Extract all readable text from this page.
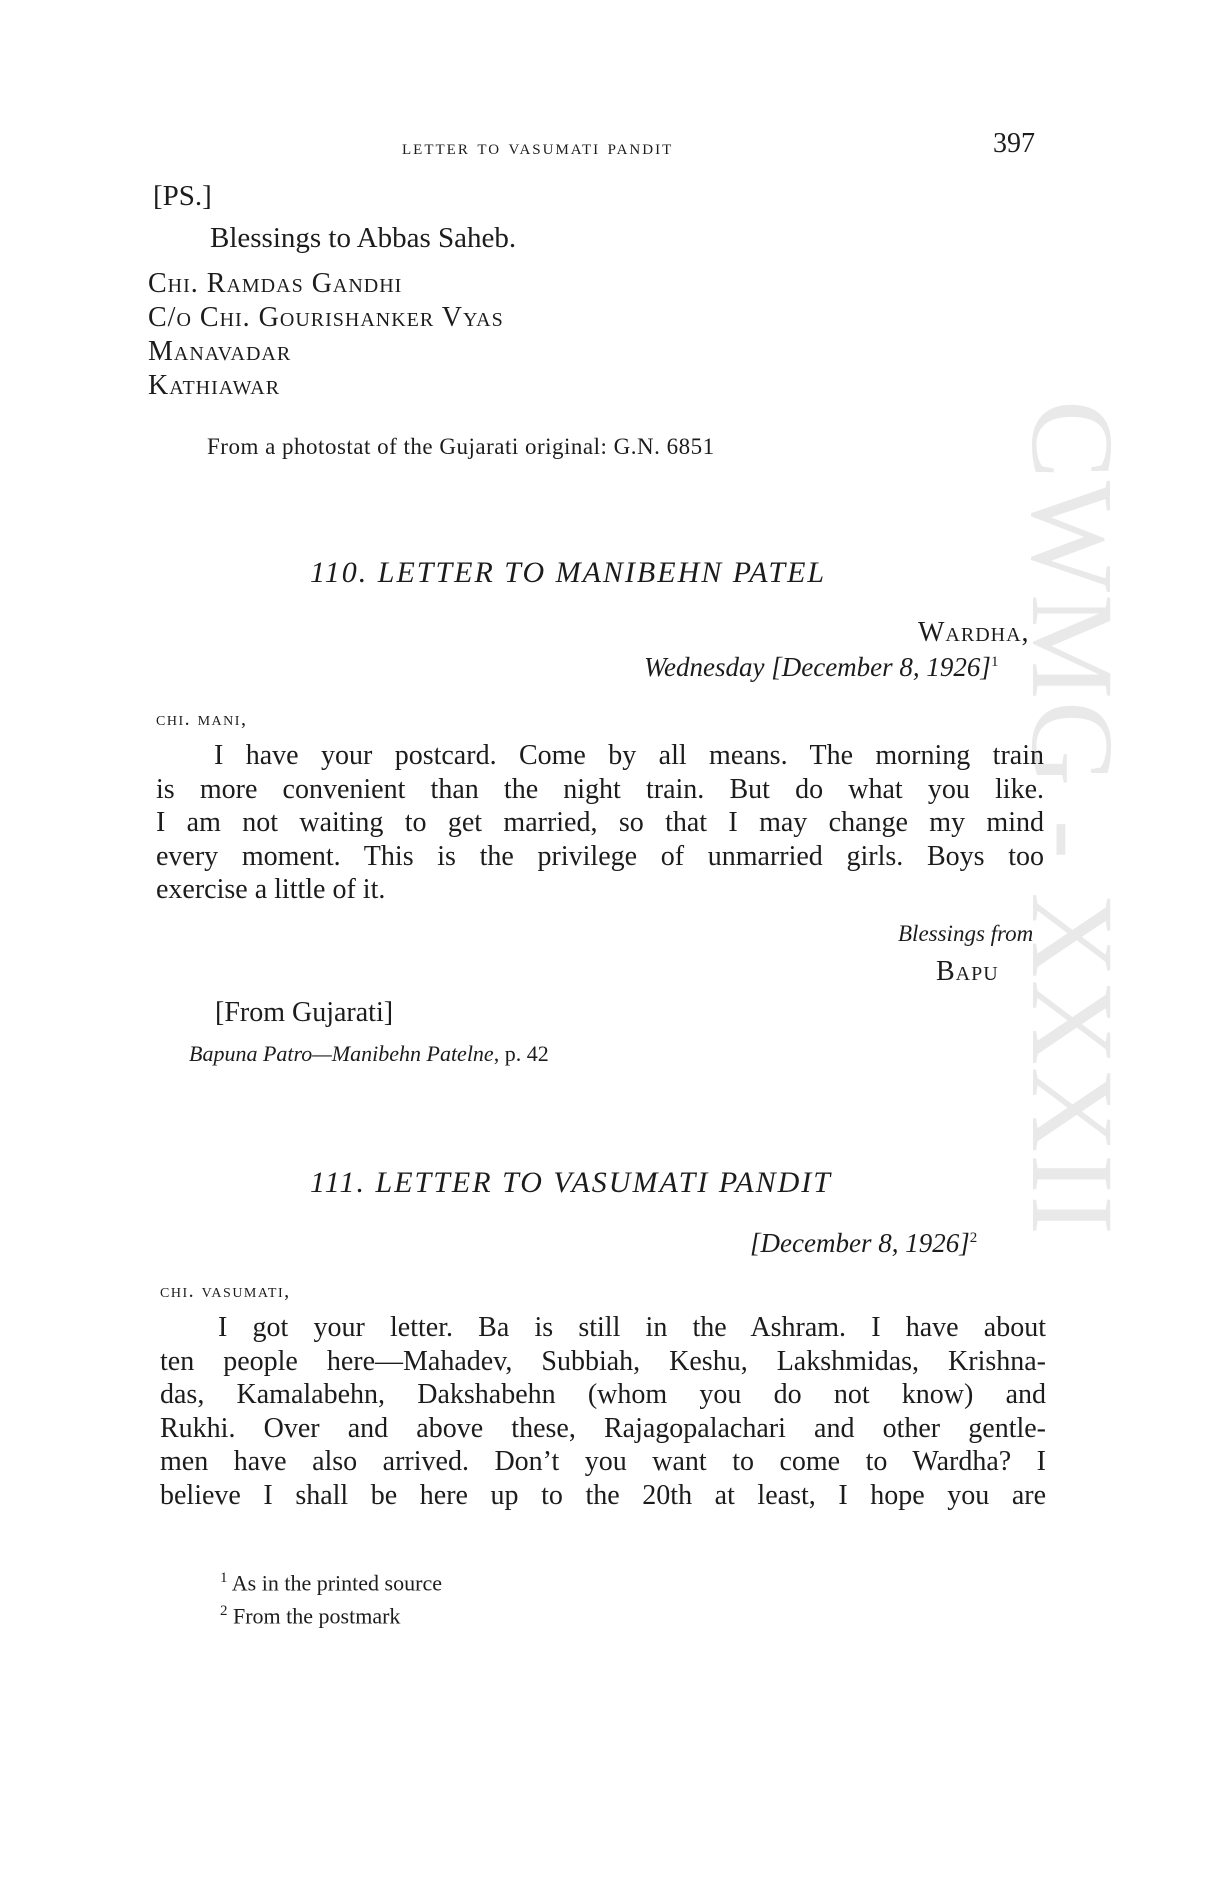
CWMG - XXXII
letter to vasumati pandit	397
[PS.]
Blessings to Abbas Saheb.
Chi. Ramdas Gandhi
C/o Chi. Gourishanker Vyas
Manavadar
Kathiawar
From a photostat of the Gujarati original: G.N. 6851
110. LETTER TO MANIBEHN PATEL
Wardha,
Wednesday [December 8, 1926]$^1$
chi. mani,
I have your postcard. Come by all means. The morning train
is more convenient than the night train. But do what you like.
I am not waiting to get married, so that I may change my mind
every moment. This is the privilege of unmarried girls. Boys too
exercise a little of it.
Blessings from
Bapu
[From Gujarati]
Bapuna Patro—Manibehn Patelne, p. 42
111. LETTER TO VASUMATI PANDIT
[December 8, 1926]$^2$
chi. vasumati,
I got your letter. Ba is still in the Ashram. I have about
ten people here—Mahadev, Subbiah, Keshu, Lakshmidas, Krishna-
das, Kamalabehn, Dakshabehn (whom you do not know) and
Rukhi. Over and above these, Rajagopalachari and other gentle-
men have also arrived. Don’t you want to come to Wardha? I
believe I shall be here up to the 20th at least, I hope you are
$^1$ As in the printed source
$^2$ From the postmark
